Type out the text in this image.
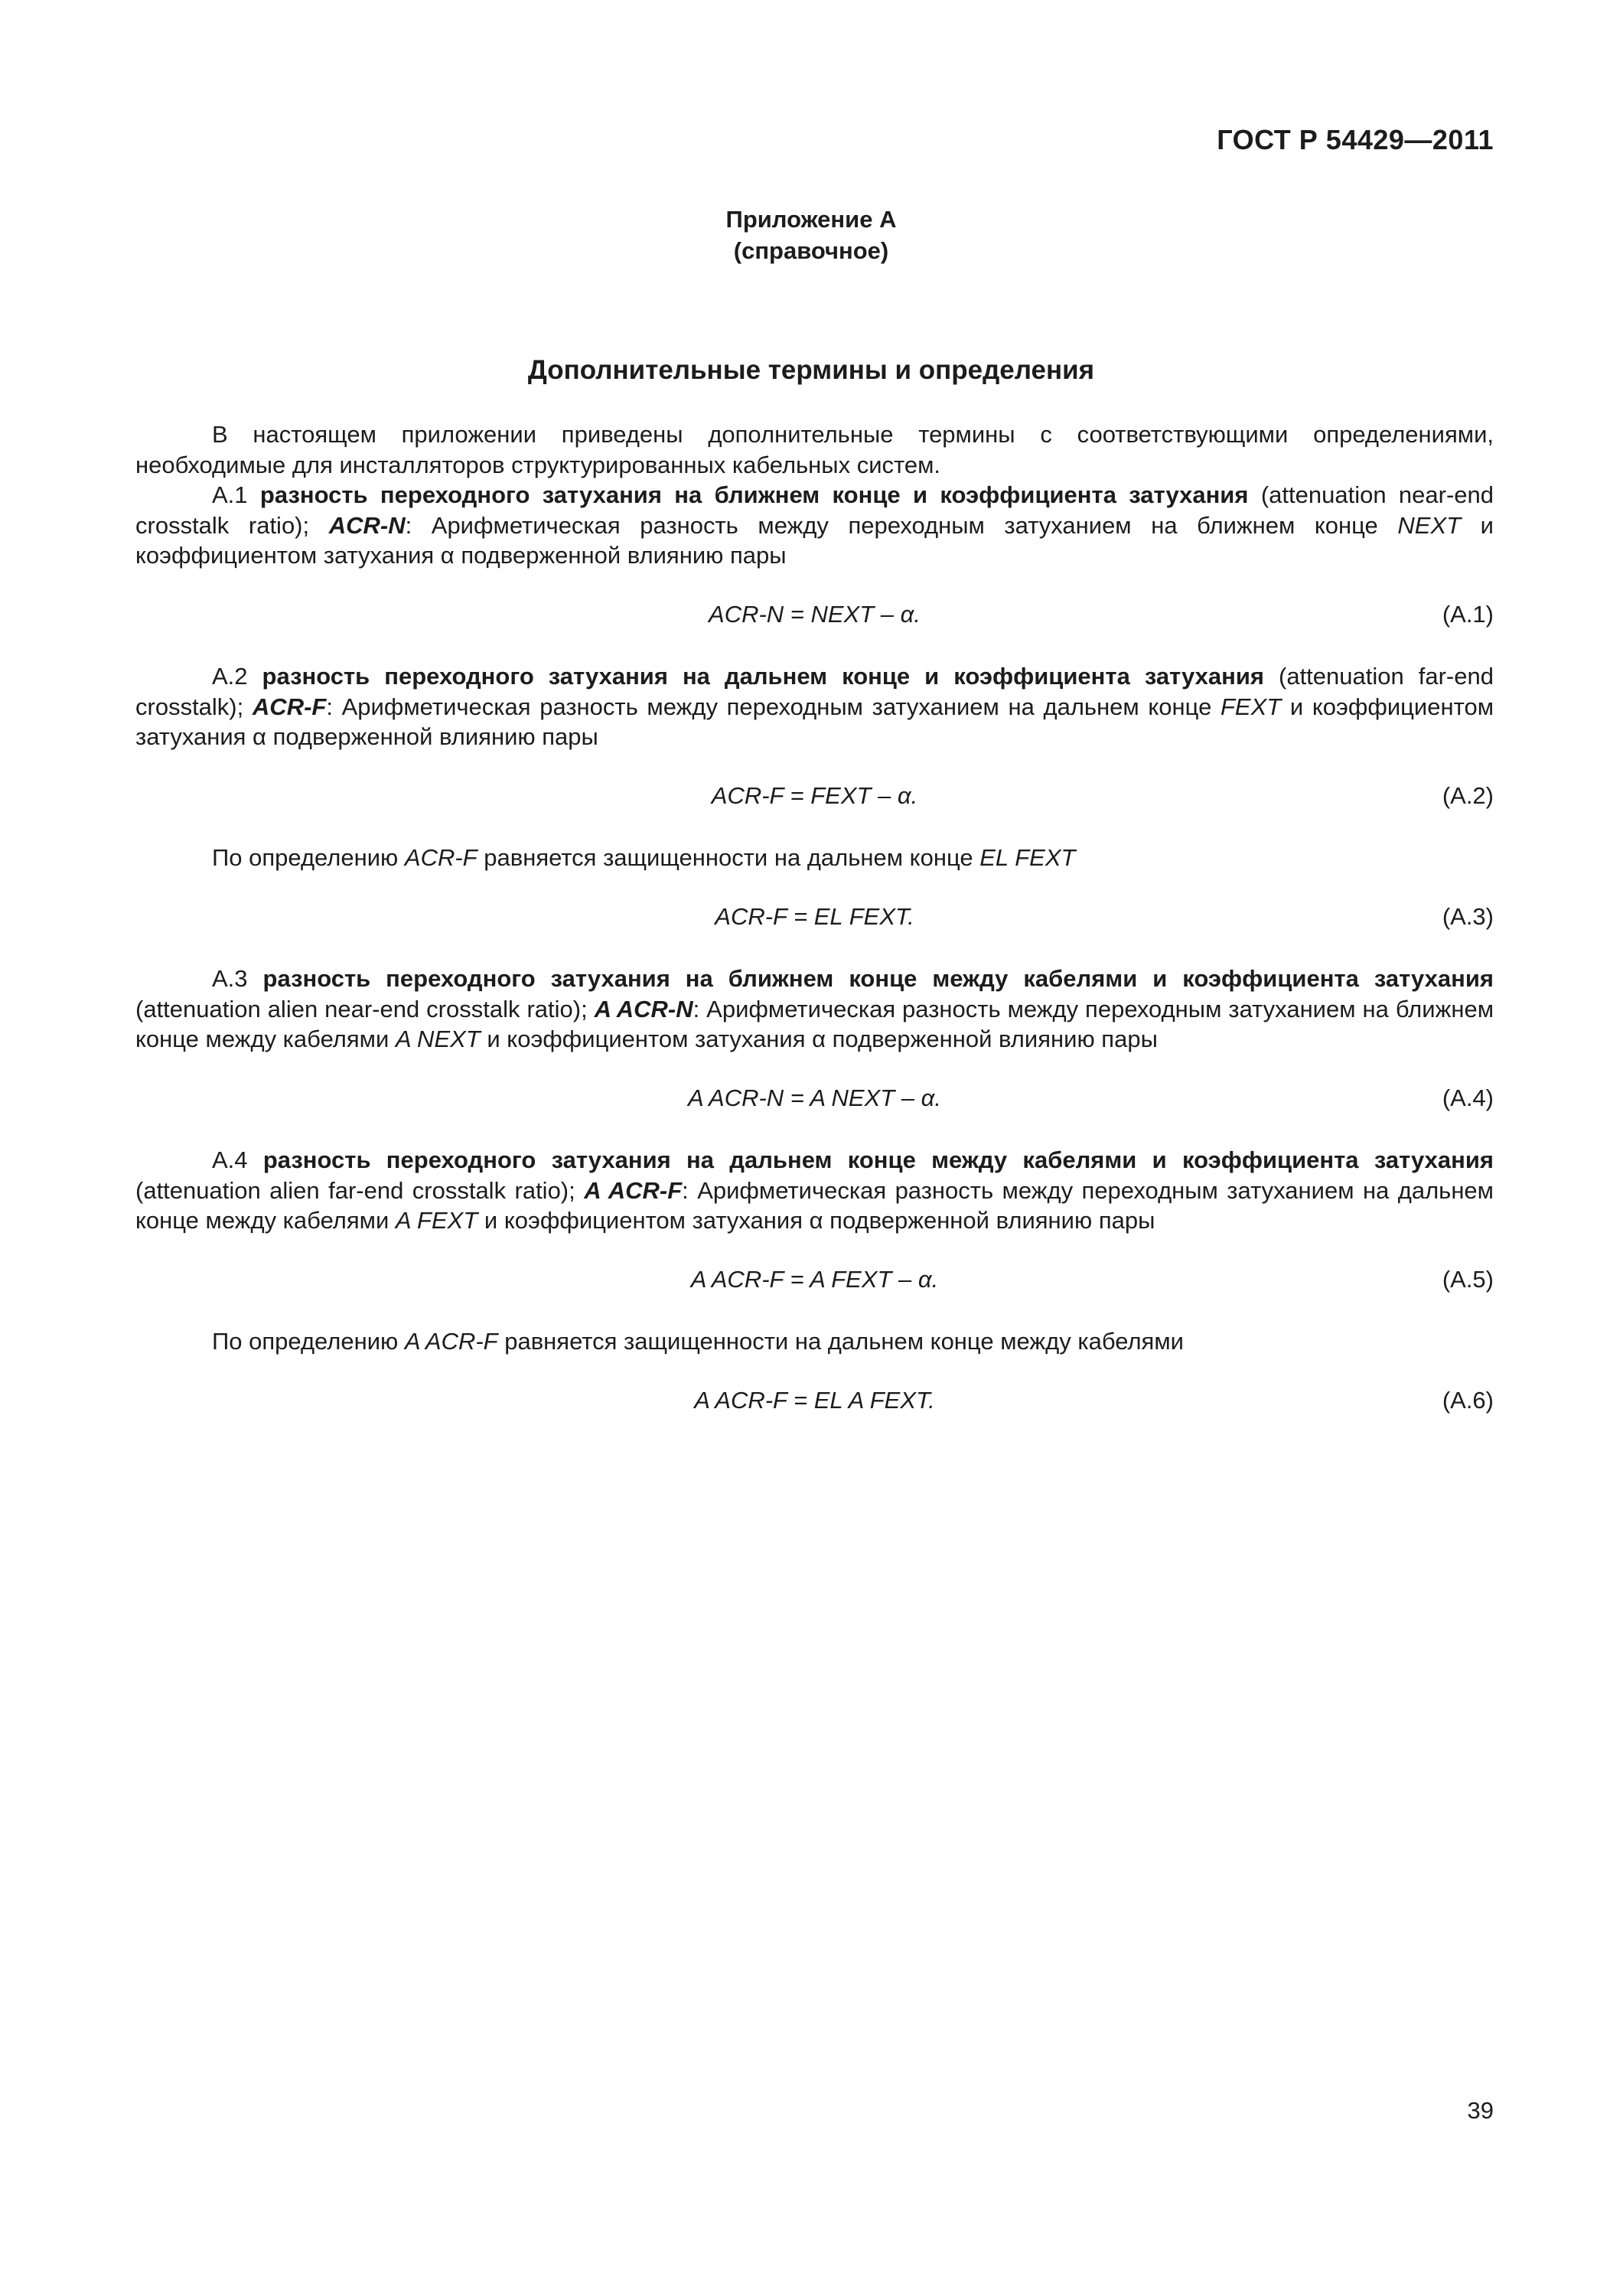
ГОСТ Р 54429—2011
Приложение А
(справочное)
Дополнительные термины и определения
В настоящем приложении приведены дополнительные термины с соответствующими определениями, необходимые для инсталляторов структурированных кабельных систем.
А.1 разность переходного затухания на ближнем конце и коэффициента затухания (attenuation near-end crosstalk ratio); ACR-N: Арифметическая разность между переходным затуханием на ближнем конце NEXT и коэффициентом затухания α подверженной влиянию пары
ACR-N = NEXT – α.	(А.1)
А.2 разность переходного затухания на дальнем конце и коэффициента затухания (attenuation far-end crosstalk); ACR-F: Арифметическая разность между переходным затуханием на дальнем конце FEXT и коэффициентом затухания α подверженной влиянию пары
ACR-F = FEXT – α.	(А.2)
По определению ACR-F равняется защищенности на дальнем конце EL FEXT
ACR-F = EL FEXT.	(А.3)
А.3 разность переходного затухания на ближнем конце между кабелями и коэффициента затухания (attenuation alien near-end crosstalk ratio); A ACR-N: Арифметическая разность между переходным затуханием на ближнем конце между кабелями A NEXT и коэффициентом затухания α подверженной влиянию пары
A ACR-N = A NEXT – α.	(А.4)
А.4 разность переходного затухания на дальнем конце между кабелями и коэффициента затухания (attenuation alien far-end crosstalk ratio); A ACR-F: Арифметическая разность между переходным затуханием на дальнем конце между кабелями A FEXT и коэффициентом затухания α подверженной влиянию пары
A ACR-F = A FEXT – α.	(А.5)
По определению A ACR-F равняется защищенности на дальнем конце между кабелями
A ACR-F = EL A FEXT.	(А.6)
39
